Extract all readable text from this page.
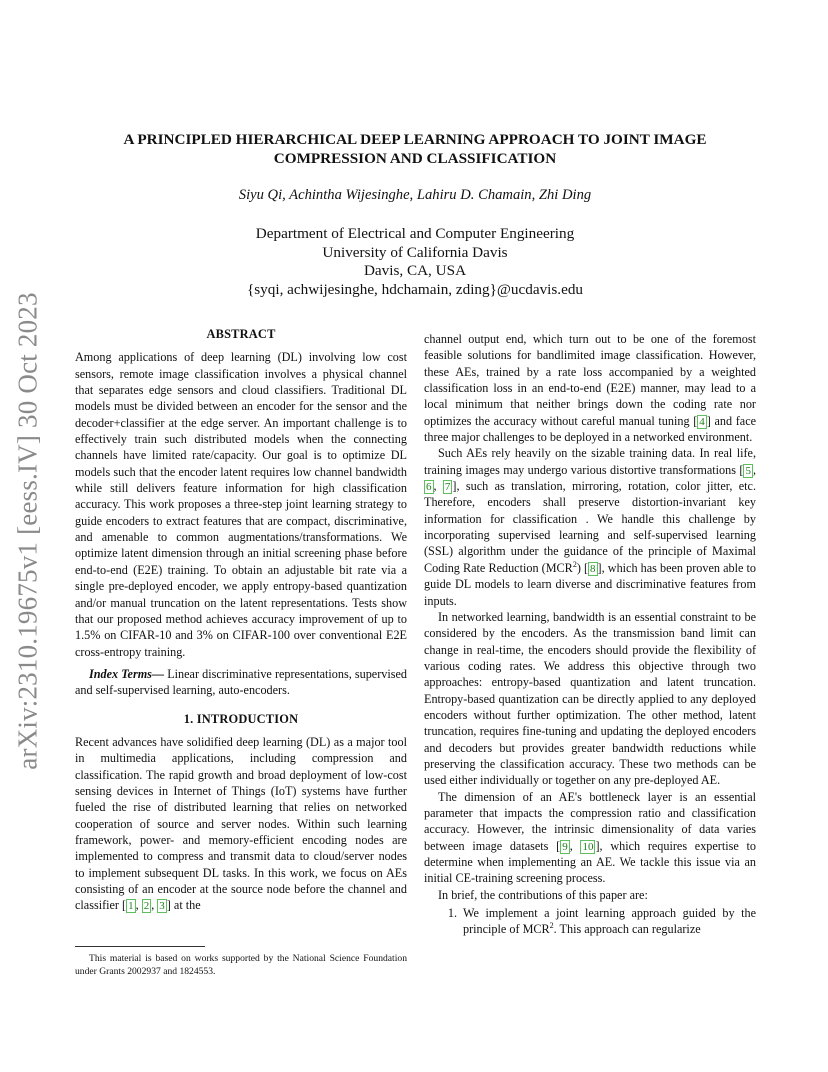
arXiv:2310.19675v1 [eess.IV] 30 Oct 2023
A PRINCIPLED HIERARCHICAL DEEP LEARNING APPROACH TO JOINT IMAGE
COMPRESSION AND CLASSIFICATION
Siyu Qi, Achintha Wijesinghe, Lahiru D. Chamain, Zhi Ding
Department of Electrical and Computer Engineering
University of California Davis
Davis, CA, USA
{syqi, achwijesinghe, hdchamain, zding}@ucdavis.edu
ABSTRACT

Among applications of deep learning (DL) involving low cost sensors, remote image classification involves a physical channel that separates edge sensors and cloud classifiers. Traditional DL models must be divided between an encoder for the sensor and the decoder+classifier at the edge server. An important challenge is to effectively train such distributed models when the connecting channels have limited rate/capacity. Our goal is to optimize DL models such that the encoder latent requires low channel bandwidth while still delivers feature information for high classification accuracy. This work proposes a three-step joint learning strategy to guide encoders to extract features that are compact, discriminative, and amenable to common augmentations/transformations. We optimize latent dimension through an initial screening phase before end-to-end (E2E) training. To obtain an adjustable bit rate via a single pre-deployed encoder, we apply entropy-based quantization and/or manual truncation on the latent representations. Tests show that our proposed method achieves accuracy improvement of up to 1.5% on CIFAR-10 and 3% on CIFAR-100 over conventional E2E cross-entropy training.

Index Terms— Linear discriminative representations, supervised and self-supervised learning, auto-encoders.

1. INTRODUCTION

Recent advances have solidified deep learning (DL) as a major tool in multimedia applications, including compression and classification. The rapid growth and broad deployment of low-cost sensing devices in Internet of Things (IoT) systems have further fueled the rise of distributed learning that relies on networked cooperation of source and server nodes. Within such learning framework, power- and memory-efficient encoding nodes are implemented to compress and transmit data to cloud/server nodes to implement subsequent DL tasks. In this work, we focus on AEs consisting of an encoder at the source node before the channel and classifier [ 1 , 2 , 3 ] at the

channel output end, which turn out to be one of the foremost feasible solutions for bandlimited image classification. However, these AEs, trained by a rate loss accompanied by a weighted classification loss in an end-to-end (E2E) manner, may lead to a local minimum that neither brings down the coding rate nor optimizes the accuracy without careful manual tuning [ 4 ] and face three major challenges to be deployed in a networked environment.

Such AEs rely heavily on the sizable training data. In real life, training images may undergo various distortive transformations [ 5 , 6 , 7 ], such as translation, mirroring, rotation, color jitter, etc. Therefore, encoders shall preserve distortion-invariant key information for classification . We handle this challenge by incorporating supervised learning and self-supervised learning (SSL) algorithm under the guidance of the principle of Maximal Coding Rate Reduction (MCR$^2$) [ 8 ], which has been proven able to guide DL models to learn diverse and discriminative features from inputs.

In networked learning, bandwidth is an essential constraint to be considered by the encoders. As the transmission band limit can change in real-time, the encoders should provide the flexibility of various coding rates. We address this objective through two approaches: entropy-based quantization and latent truncation. Entropy-based quantization can be directly applied to any deployed encoders without further optimization. The other method, latent truncation, requires fine-tuning and updating the deployed encoders and decoders but provides greater bandwidth reductions while preserving the classification accuracy. These two methods can be used either individually or together on any pre-deployed AE.

The dimension of an AE's bottleneck layer is an essential parameter that impacts the compression ratio and classification accuracy. However, the intrinsic dimensionality of data varies between image datasets [ 9 , 10 ], which requires expertise to determine when implementing an AE. We tackle this issue via an initial CE-training screening process.

In brief, the contributions of this paper are:

1. We implement a joint learning approach guided by the principle of MCR$^2$. This approach can regularize

This material is based on works supported by the National Science Foundation under Grants 2002937 and 1824553.
